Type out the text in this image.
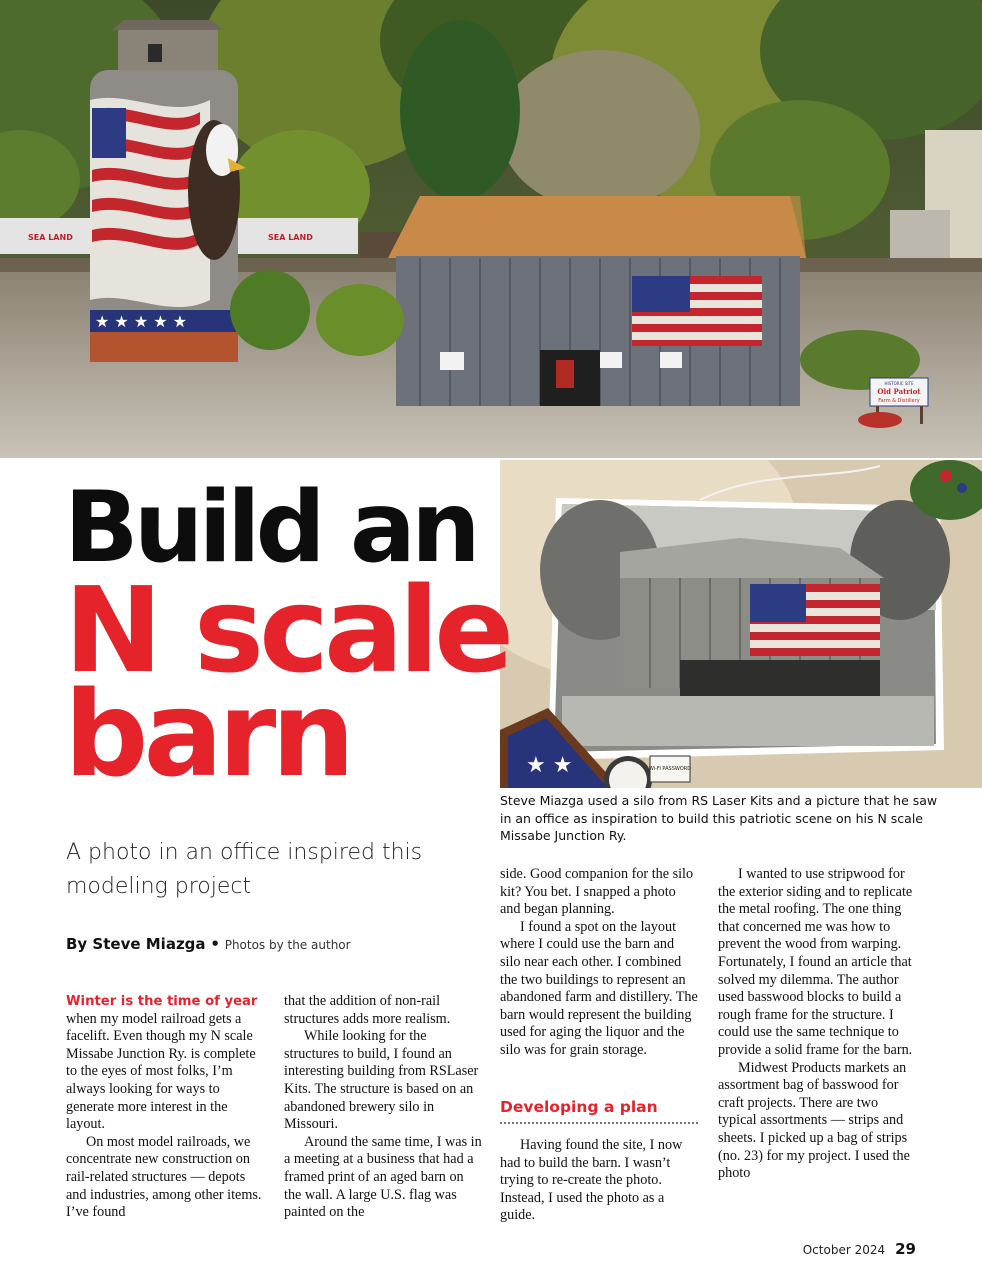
SEA LAND	SEA LAND
★ ★ ★ ★ ★
HISTORIC SITE
Old Patriot
Farm & Distillery
★ ★	Wi-Fi PASSWORD
Build an
N scale
barn	Steve Miazga used a silo from RS Laser Kits and a picture that he saw in an office as inspiration to build this patriotic scene on his N scale Missabe Junction Ry.
A photo in an office inspired this modeling project
By Steve Miazga • Photos by the author

Winter is the time of year when my model railroad gets a facelift. Even though my N scale Missabe Junction Ry. is complete to the eyes of most folks, I’m always looking for ways to generate more interest in the layout.

On most model railroads, we concentrate new construction on rail-related structures — depots and industries, among other items. I’ve found

that the addition of non-rail structures adds more realism.

While looking for the structures to build, I found an interesting building from RSLaser Kits. The structure is based on an abandoned brewery silo in Missouri.

Around the same time, I was in a meeting at a business that had a framed print of an aged barn on the wall. A large U.S. flag was painted on the

side. Good companion for the silo kit? You bet. I snapped a photo and began planning.

I found a spot on the layout where I could use the barn and silo near each other. I combined the two buildings to represent an abandoned farm and distillery. The barn would represent the building used for aging the liquor and the silo was for grain storage.

Developing a plan

Having found the site, I now had to build the barn. I wasn’t trying to re-create the photo. Instead, I used the photo as a guide.

I wanted to use stripwood for the exterior siding and to replicate the metal roofing. The one thing that concerned me was how to prevent the wood from warping. Fortunately, I found an article that solved my dilemma. The author used basswood blocks to build a rough frame for the structure. I could use the same technique to provide a solid frame for the barn.

Midwest Products markets an assortment bag of basswood for craft projects. There are two typical assortments — strips and sheets. I picked up a bag of strips (no. 23) for my project. I used the photo

October 2024 29
